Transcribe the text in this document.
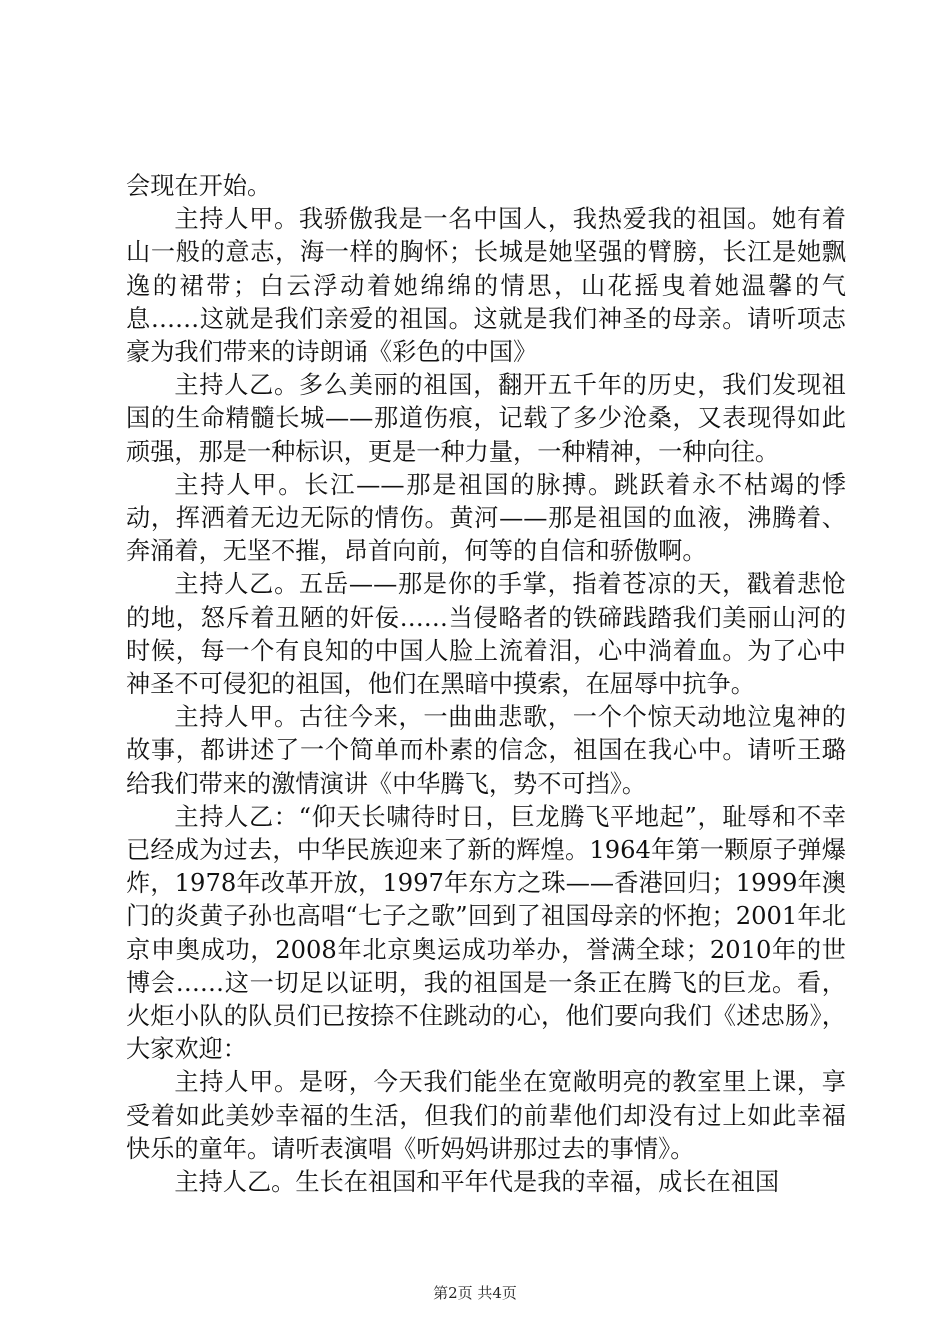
会现在开始。

主持人甲。我骄傲我是一名中国人，我热爱我的祖国。她有着山一般的意志，海一样的胸怀；长城是她坚强的臂膀，长江是她飘逸的裙带；白云浮动着她绵绵的情思，山花摇曳着她温馨的气息……这就是我们亲爱的祖国。这就是我们神圣的母亲。请听项志豪为我们带来的诗朗诵《彩色的中国》

主持人乙。多么美丽的祖国，翻开五千年的历史，我们发现祖国的生命精髓长城——那道伤痕，记载了多少沧桑，又表现得如此顽强，那是一种标识，更是一种力量，一种精神，一种向往。

主持人甲。长江——那是祖国的脉搏。跳跃着永不枯竭的悸动，挥洒着无边无际的情伤。黄河——那是祖国的血液，沸腾着、奔涌着，无坚不摧，昂首向前，何等的自信和骄傲啊。

主持人乙。五岳——那是你的手掌，指着苍凉的天，戳着悲怆的地，怒斥着丑陋的奸佞……当侵略者的铁碲践踏我们美丽山河的时候，每一个有良知的中国人脸上流着泪，心中淌着血。为了心中神圣不可侵犯的祖国，他们在黑暗中摸索，在屈辱中抗争。

主持人甲。古往今来，一曲曲悲歌，一个个惊天动地泣鬼神的故事，都讲述了一个简单而朴素的信念，祖国在我心中。请听王璐给我们带来的激情演讲《中华腾飞，势不可挡》。

主持人乙：“仰天长啸待时日，巨龙腾飞平地起”，耻辱和不幸已经成为过去，中华民族迎来了新的辉煌。1964年第一颗原子弹爆炸，1978年改革开放，1997年东方之珠——香港回归；1999年澳门的炎黄子孙也高唱“七子之歌”回到了祖国母亲的怀抱；2001年北京申奥成功，2008年北京奥运成功举办，誉满全球；2010年的世博会……这一切足以证明，我的祖国是一条正在腾飞的巨龙。看，火炬小队的队员们已按捺不住跳动的心，他们要向我们《述忠肠》，大家欢迎：

主持人甲。是呀，今天我们能坐在宽敞明亮的教室里上课，享受着如此美妙幸福的生活，但我们的前辈他们却没有过上如此幸福快乐的童年。请听表演唱《听妈妈讲那过去的事情》。

主持人乙。生长在祖国和平年代是我的幸福，成长在祖国

第2页 共4页
